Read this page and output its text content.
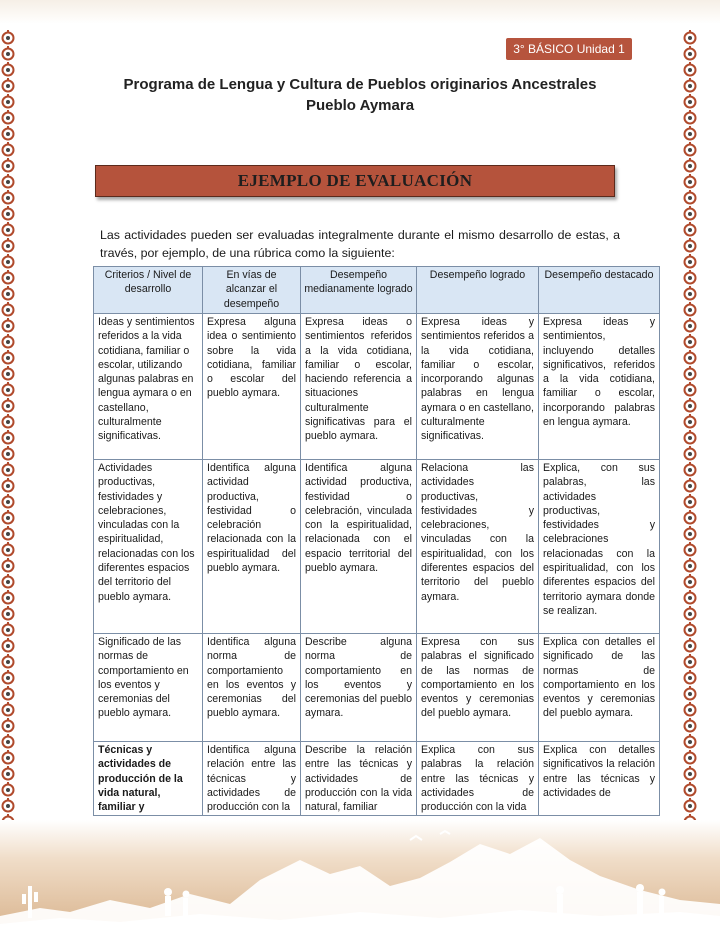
3° BÁSICO Unidad 1
Programa de Lengua y Cultura de Pueblos originarios Ancestrales
Pueblo Aymara
EJEMPLO DE EVALUACIÓN

Las actividades pueden ser evaluadas integralmente durante el mismo desarrollo de estas, a través, por ejemplo, de una rúbrica como la siguiente:

Criterios / Nivel de desarrollo	En vías de alcanzar el desempeño	Desempeño medianamente logrado	Desempeño logrado	Desempeño destacado
Ideas y sentimientos referidos a la vida cotidiana, familiar o escolar, utilizando algunas palabras en lengua aymara o en castellano, culturalmente significativas.	Expresa alguna idea o sentimiento sobre la vida cotidiana, familiar o escolar del pueblo aymara.	Expresa ideas o sentimientos referidos a la vida cotidiana, familiar o escolar, haciendo referencia a situaciones culturalmente significativas para el pueblo aymara.	Expresa ideas y sentimientos referidos a la vida cotidiana, familiar o escolar, incorporando algunas palabras en lengua aymara o en castellano, culturalmente significativas.	Expresa ideas y sentimientos, incluyendo detalles significativos, referidos a la vida cotidiana, familiar o escolar, incorporando palabras en lengua aymara.
Actividades productivas, festividades y celebraciones, vinculadas con la espiritualidad, relacionadas con los diferentes espacios del territorio del pueblo aymara.	Identifica alguna actividad productiva, festividad o celebración relacionada con la espiritualidad del pueblo aymara.	Identifica alguna actividad productiva, festividad o celebración, vinculada con la espiritualidad, relacionada con el espacio territorial del pueblo aymara.	Relaciona las actividades productivas, festividades y celebraciones, vinculadas con la espiritualidad, con los diferentes espacios del territorio del pueblo aymara.	Explica, con sus palabras, las actividades productivas, festividades y celebraciones relacionadas con la espiritualidad, con los diferentes espacios del territorio aymara donde se realizan.
Significado de las normas de comportamiento en los eventos y ceremonias del pueblo aymara.	Identifica alguna norma de comportamiento en los eventos y ceremonias del pueblo aymara.	Describe alguna norma de comportamiento en los eventos y ceremonias del pueblo aymara.	Expresa con sus palabras el significado de las normas de comportamiento en los eventos y ceremonias del pueblo aymara.	Explica con detalles el significado de las normas de comportamiento en los eventos y ceremonias del pueblo aymara.
Técnicas y actividades de producción de la vida natural, familiar y	Identifica alguna relación entre las técnicas y actividades de producción con la	Describe la relación entre las técnicas y actividades de producción con la vida natural, familiar	Explica con sus palabras la relación entre las técnicas y actividades de producción con la vida	Explica con detalles significativos la relación entre las técnicas y actividades de
